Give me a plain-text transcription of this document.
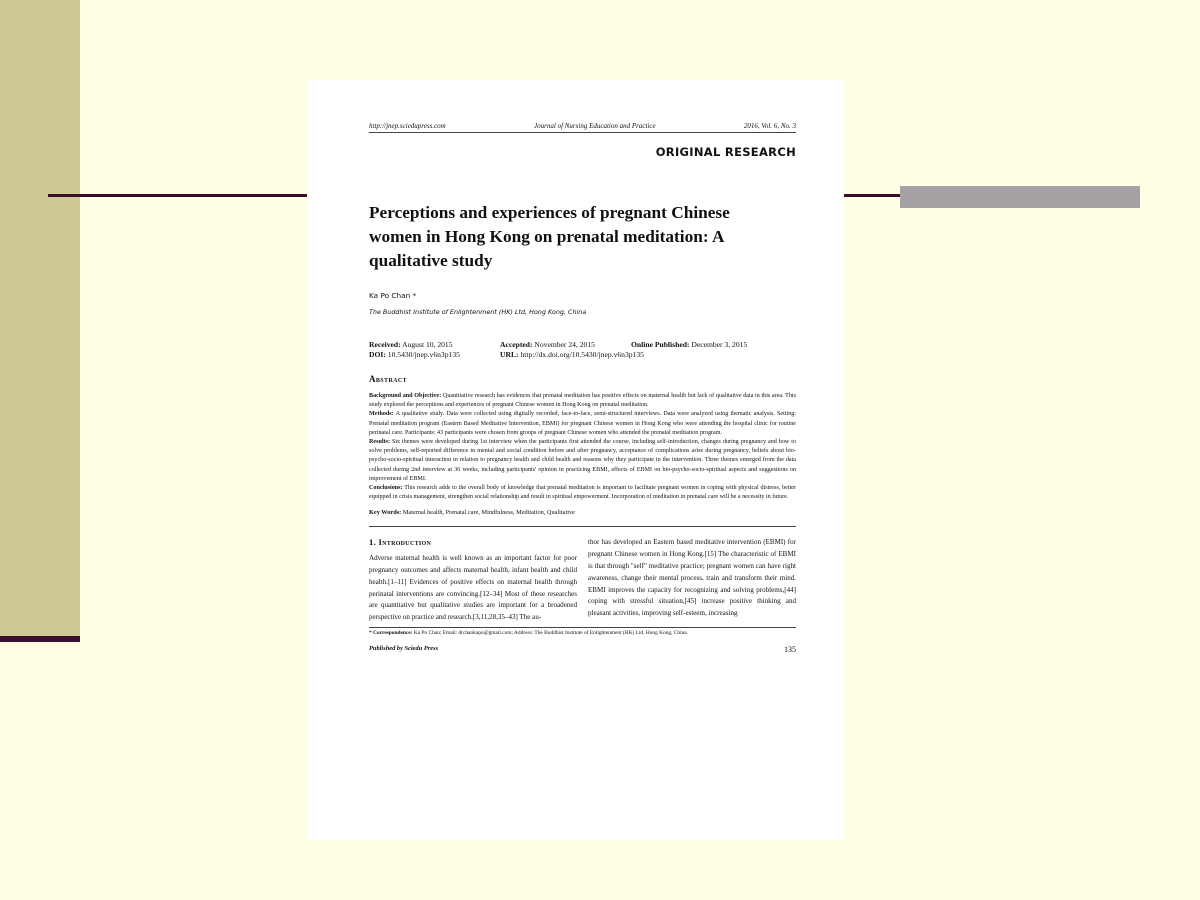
http://jnep.sciedupress.com	Journal of Nursing Education and Practice	2016, Vol. 6, No. 3
ORIGINAL RESEARCH
Perceptions and experiences of pregnant Chinese women in Hong Kong on prenatal meditation: A qualitative study
Ka Po Chan *
The Buddhist Institute of Enlightenment (HK) Ltd, Hong Kong, China
Received: August 10, 2015	Accepted: November 24, 2015	Online Published: December 3, 2015
DOI: 10.5430/jnep.v6n3p135	URL: http://dx.doi.org/10.5430/jnep.v6n3p135
Abstract

Background and Objective: Quantitative research has evidences that prenatal meditation has positive effects on maternal health but lack of qualitative data in this area. This study explored the perceptions and experiences of pregnant Chinese women in Hong Kong on prenatal meditation.

Methods: A qualitative study. Data were collected using digitally recorded, face-to-face, semi-structured interviews. Data were analyzed using thematic analysis. Setting: Prenatal meditation program (Eastern Based Meditative Intervention, EBMI) for pregnant Chinese women in Hong Kong who were attending the hospital clinic for routine perinatal care. Participants: 43 participants were chosen from groups of pregnant Chinese women who attended the prenatal meditation program.

Results: Six themes were developed during 1st interview when the participants first attended the course, including self-introduction, changes during pregnancy and how to solve problems, self-reported difference in mental and social condition before and after pregnancy, acceptance of complications arise during pregnancy, beliefs about bio-psycho-socio-spiritual interaction in relation to pregnancy health and child health and reasons why they participate in the intervention. Three themes emerged from the data collected during 2nd interview at 36 weeks, including participants' opinion in practicing EBMI, effects of EBMI on bio-psycho-socio-spiritual aspects and suggestions on improvement of EBMI.

Conclusions: This research adds to the overall body of knowledge that prenatal meditation is important to facilitate pregnant women in coping with physical distress, better equipped in crisis management, strengthen social relationship and result in spiritual empowerment. Incorporation of meditation in prenatal care will be a necessity in future.

Key Words: Maternal health, Prenatal care, Mindfulness, Meditation, Qualitative
1. Introduction
Adverse maternal health is well known as an important factor for poor pregnancy outcomes and affects maternal health, infant health and child health.[1–11] Evidences of positive effects on maternal health through perinatal interventions are convincing.[12–34] Most of these researches are quantitative but qualitative studies are important for a broadened perspective on practice and research.[3,11,28,35–43] The au-
thor has developed an Eastern based meditative intervention (EBMI) for pregnant Chinese women in Hong Kong.[15] The characteristic of EBMI is that through "self" meditative practice; pregnant women can have right awareness, change their mental process, train and transform their mind. EBMI improves the capacity for recognizing and solving problems,[44] coping with stressful situation,[45] increase positive thinking and pleasant activities, improving self-esteem, increasing
* Correspondence: Ka Po Chan; Email: drchankapo@gmail.com; Address: The Buddhist Institute of Enlightenment (HK) Ltd, Hong Kong, China.
Published by Sciedu Press	135
